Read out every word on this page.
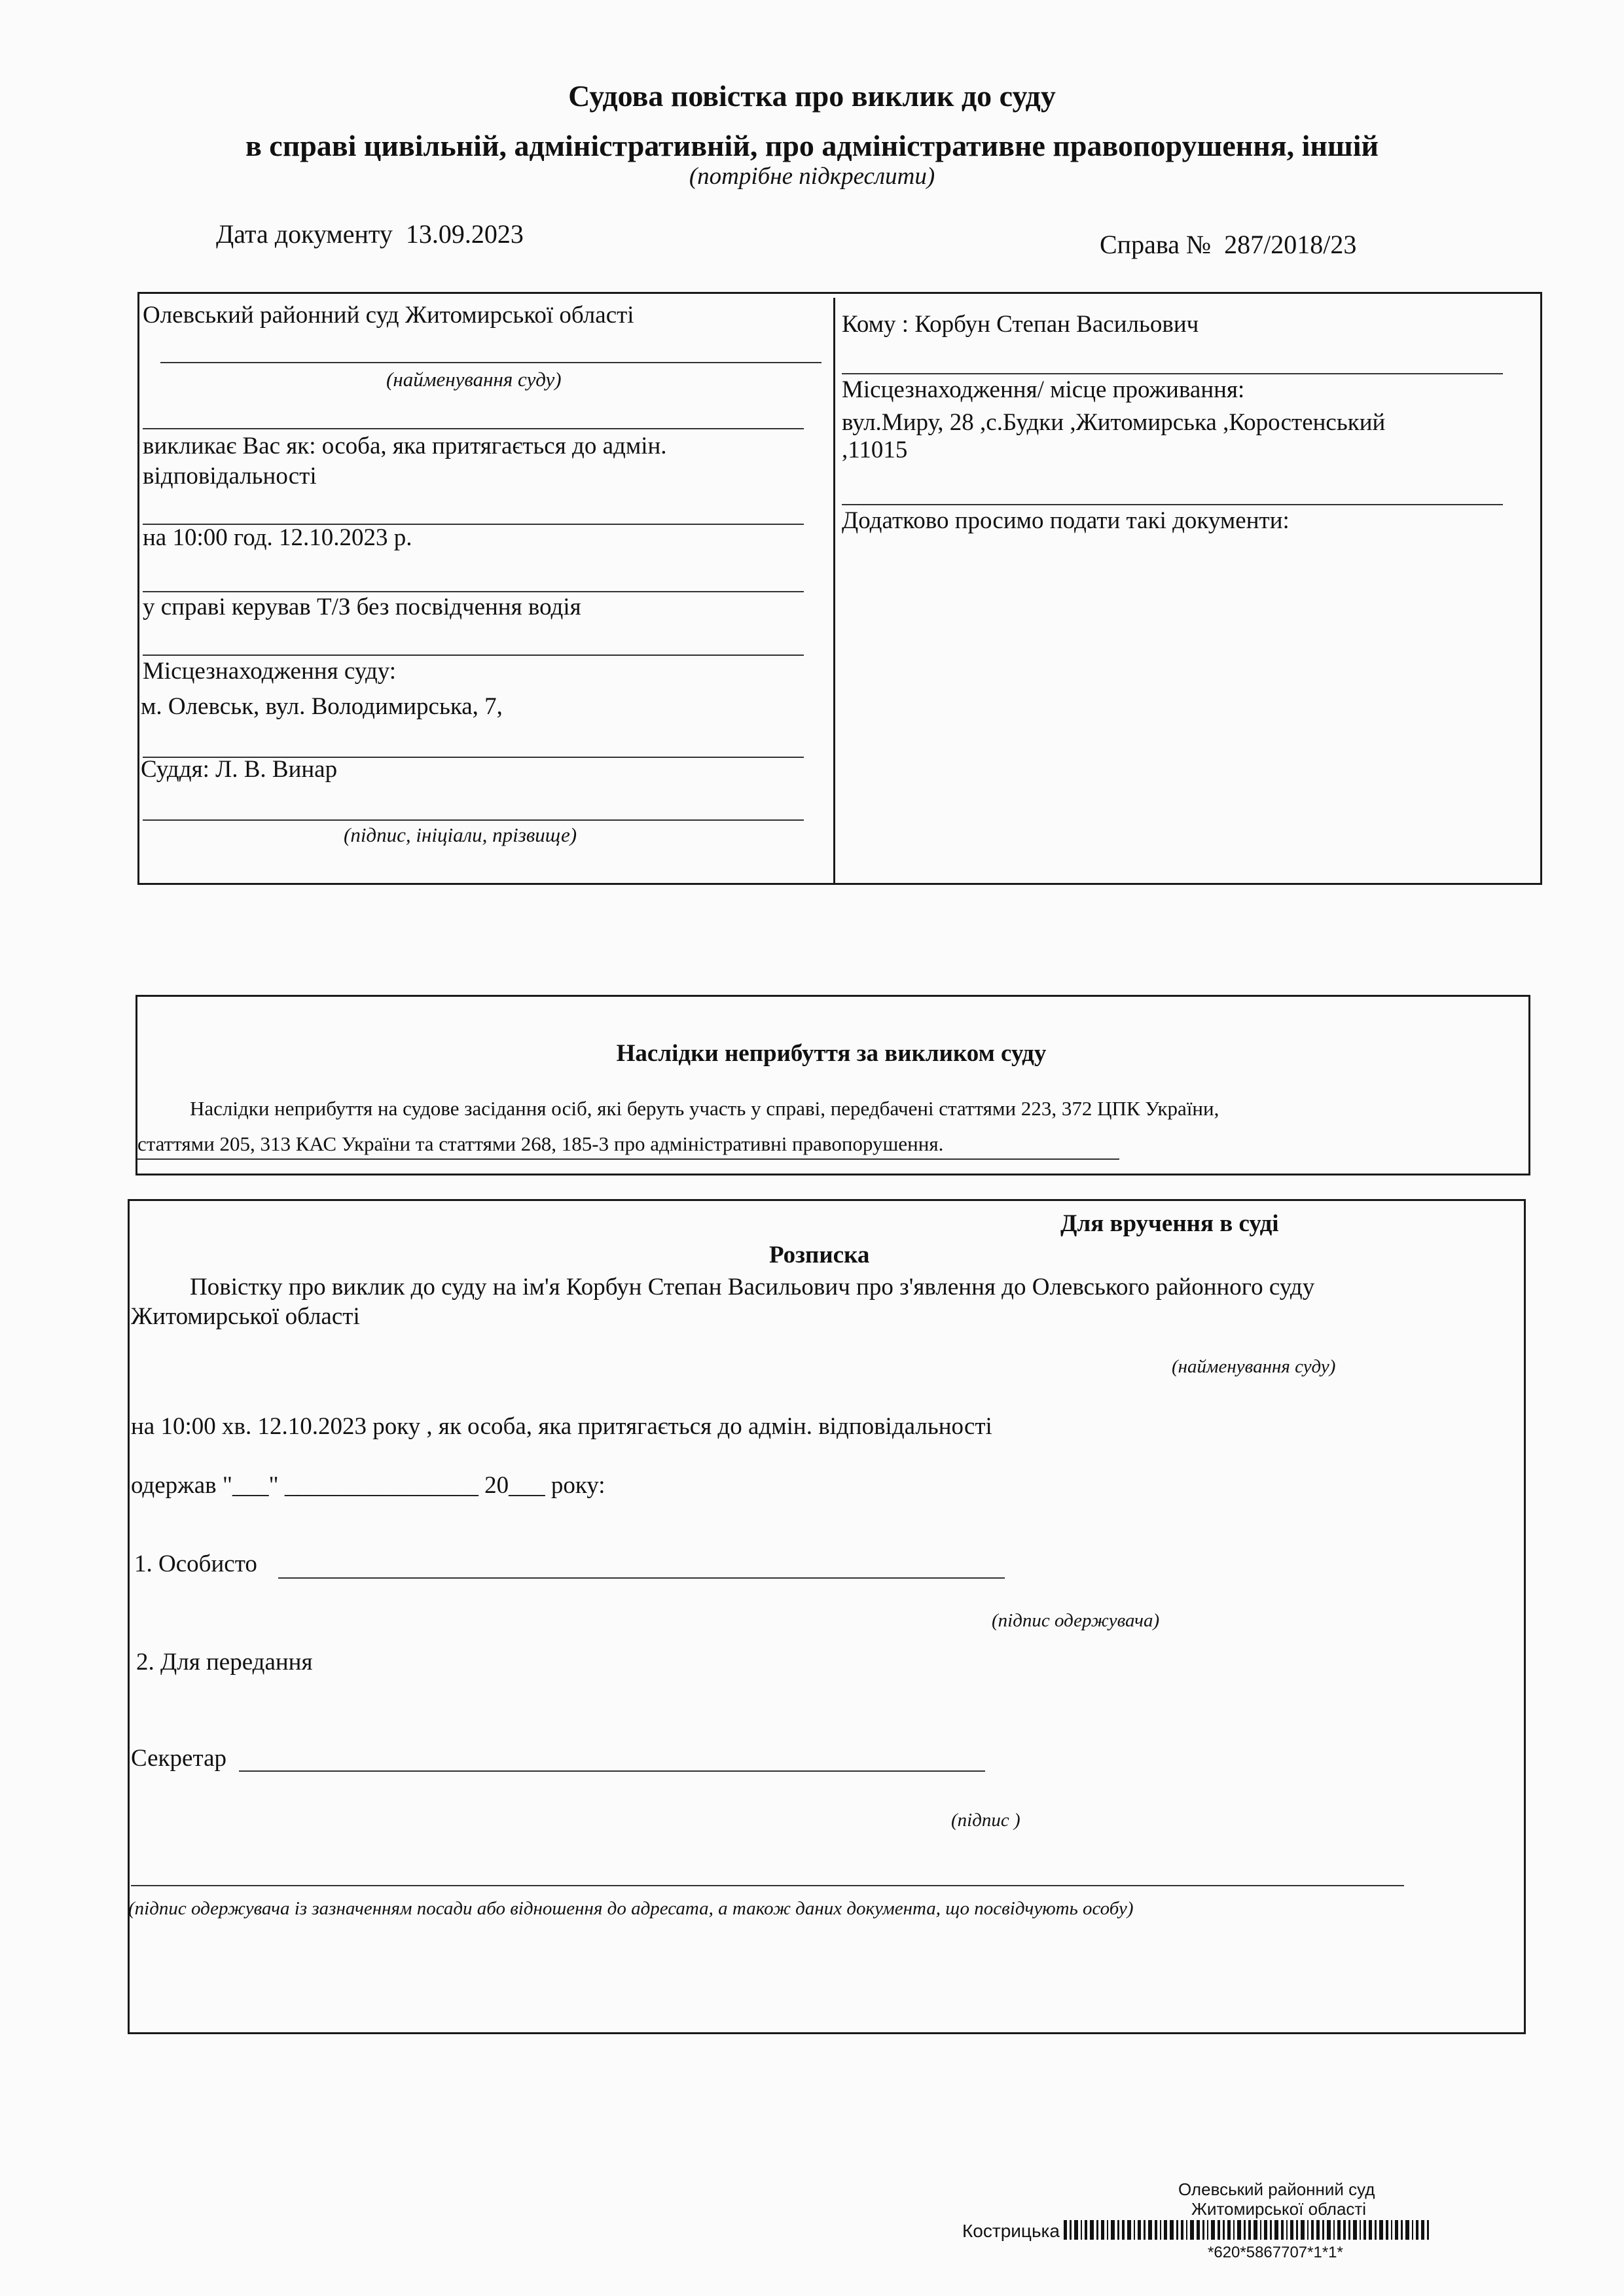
Судова повістка про виклик до суду
в справі цивільній, адміністративній, про адміністративне правопорушення, іншій
(потрібне підкреслити)
Дата документу 13.09.2023	Справа № 287/2018/23
Олевський районний суд Житомирської області
(найменування суду)
викликає Вас як: особа, яка притягається до адмін.
відповідальності
на 10:00 год. 12.10.2023 р.
у справі керував Т/З без посвідчення водія
Місцезнаходження суду:
м. Олевськ, вул. Володимирська, 7,
Суддя: Л. В. Винар
(підпис, ініціали, прізвище)
Кому : Корбун Степан Васильович
Місцезнаходження/ місце проживання:
вул.Миру, 28 ,с.Будки ,Житомирська ,Коростенський
,11015
Додатково просимо подати такі документи:
Наслідки неприбуття за викликом суду
Наслідки неприбуття на судове засідання осіб, які беруть участь у справі, передбачені статтями 223, 372 ЦПК України,
статтями 205, 313 КАС України та статтями 268, 185-3 про адміністративні правопорушення.
Для вручення в суді
Розписка
Повістку про виклик до суду на ім'я Корбун Степан Васильович про з'явлення до Олевського районного суду
Житомирської області
(найменування суду)
на 10:00 хв. 12.10.2023 року , як особа, яка притягається до адмін. відповідальності
одержав "___" ________________ 20___ року:
1. Особисто
(підпис одержувача)
2. Для передання
Секретар
(підпис )
(підпис одержувача із зазначенням посади або відношення до адресата, а також даних документа, що посвідчують особу)
Олевський районний суд
Житомирської області
Кострицька
*620*5867707*1*1*
